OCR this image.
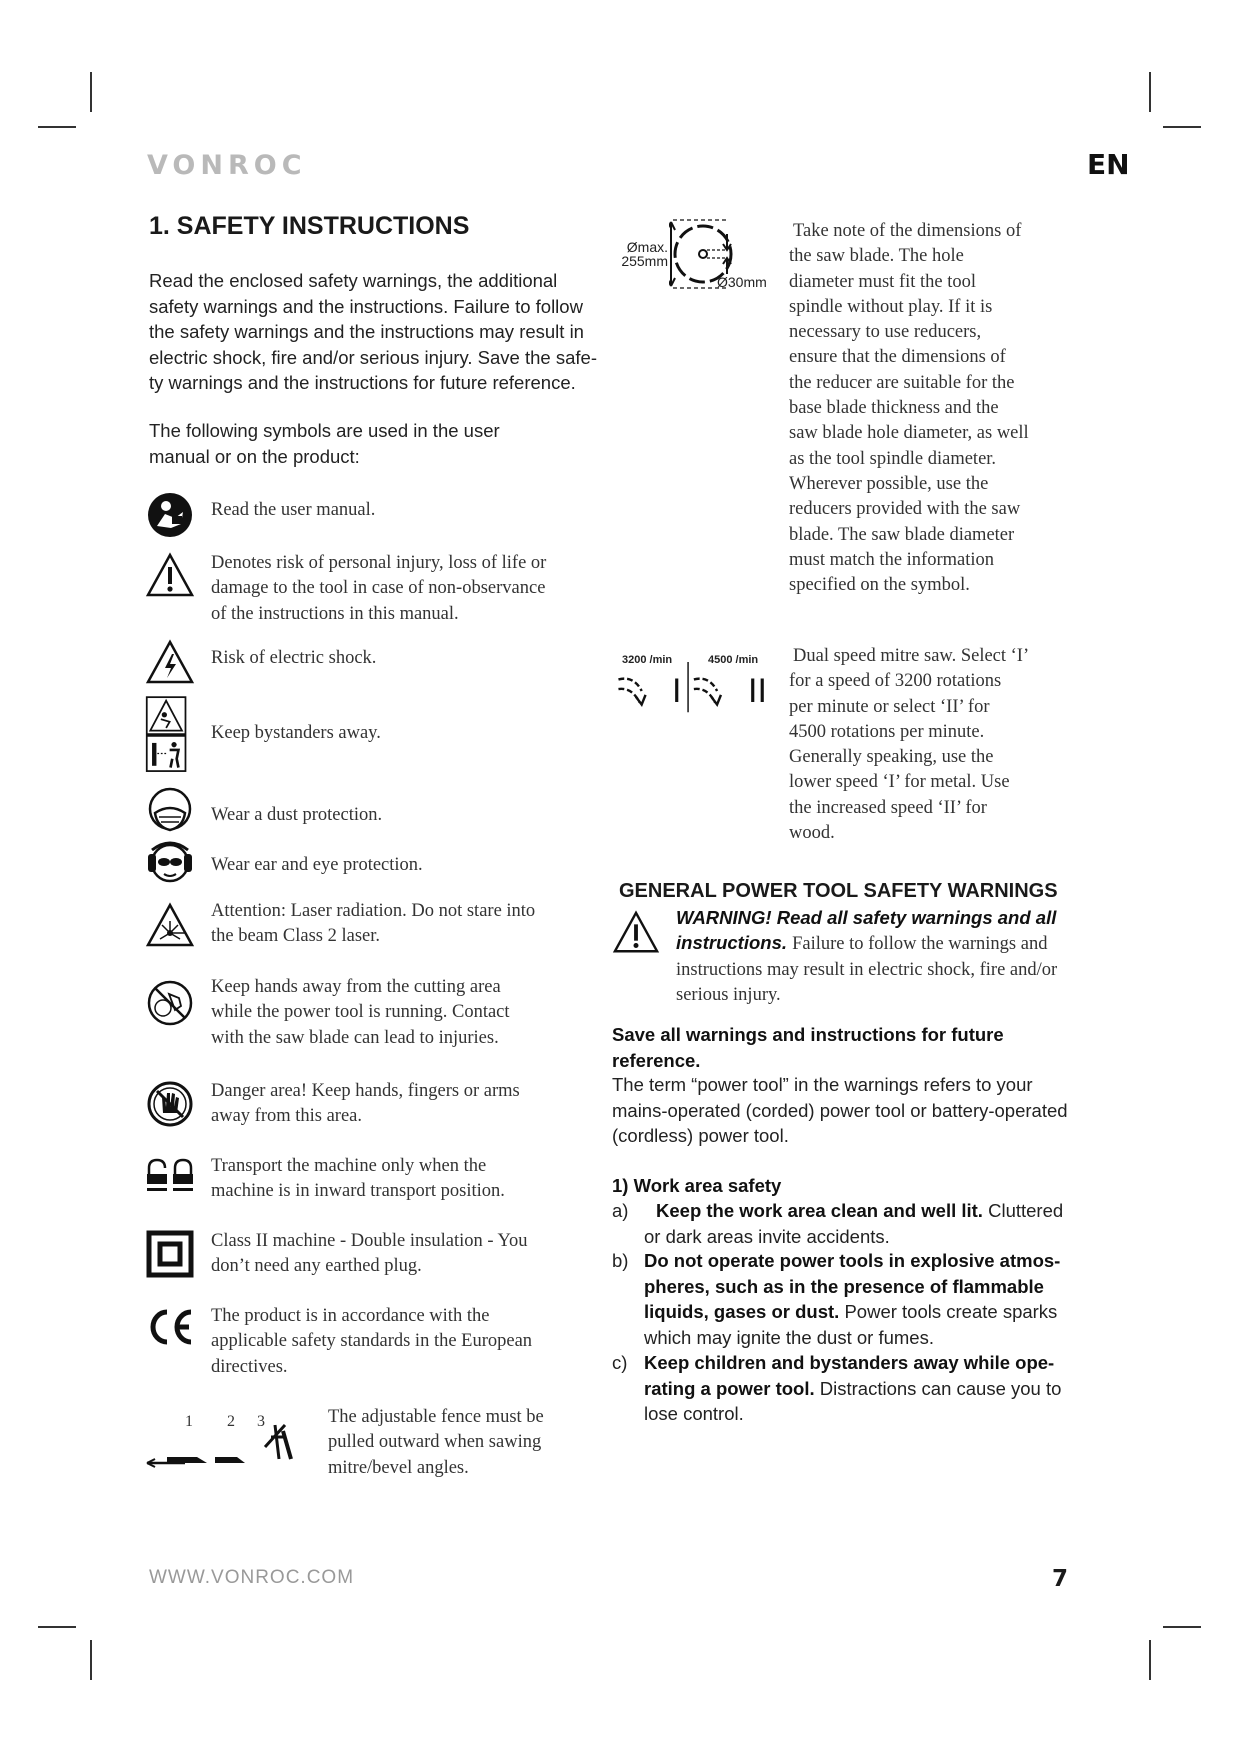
VONROC	EN
1. SAFETY INSTRUCTIONS
Read the enclosed safety warnings, the additional safety warnings and the instructions. Failure to follow the safety warnings and the instructions may result in electric shock, fire and/or serious injury. Save the safety warnings and the instructions for future reference.
The following symbols are used in the user manual or on the product:
Read the user manual.
Denotes risk of personal injury, loss of life or damage to the tool in case of non-observance of the instructions in this manual.
Risk of electric shock.
Keep bystanders away.
Wear a dust protection.
Wear ear and eye protection.
Attention: Laser radiation. Do not stare into the beam Class 2 laser.
Keep hands away from the cutting area while the power tool is running. Contact with the saw blade can lead to injuries.
Danger area! Keep hands, fingers or arms away from this area.
Transport the machine only when the machine is in inward transport position.
Class II machine - Double insulation - You don’t need any earthed plug.
The product is in accordance with the applicable safety standards in the European directives.
1 2 3	The adjustable fence must be pulled outward when sawing mitre/bevel angles.
Ømax. 255mm
Ø30mm
Take note of the dimensions of the saw blade. The hole diameter must fit the tool spindle without play. If it is necessary to use reducers, ensure that the dimensions of the reducer are suitable for the base blade thickness and the saw blade hole diameter, as well as the tool spindle diameter. Wherever possible, use the reducers provided with the saw blade. The saw blade diameter must match the information specified on the symbol.
3200 /min	4500 /min
I II
Dual speed mitre saw. Select ‘I’ for a speed of 3200 rotations per minute or select ‘II’ for 4500 rotations per minute. Generally speaking, use the lower speed ‘I’ for metal. Use the increased speed ‘II’ for wood.
GENERAL POWER TOOL SAFETY WARNINGS
WARNING! Read all safety warnings and all instructions. Failure to follow the warnings and instructions may result in electric shock, fire and/or serious injury.
Save all warnings and instructions for future reference.
The term “power tool” in the warnings refers to your mains-operated (corded) power tool or battery-operated (cordless) power tool.
1) Work area safety
a)	Keep the work area clean and well lit. Cluttered or dark areas invite accidents.
b) Do not operate power tools in explosive atmospheres, such as in the presence of flammable liquids, gases or dust. Power tools create sparks which may ignite the dust or fumes.
c) Keep children and bystanders away while operating a power tool. Distractions can cause you to lose control.
WWW.VONROC.COM	7
